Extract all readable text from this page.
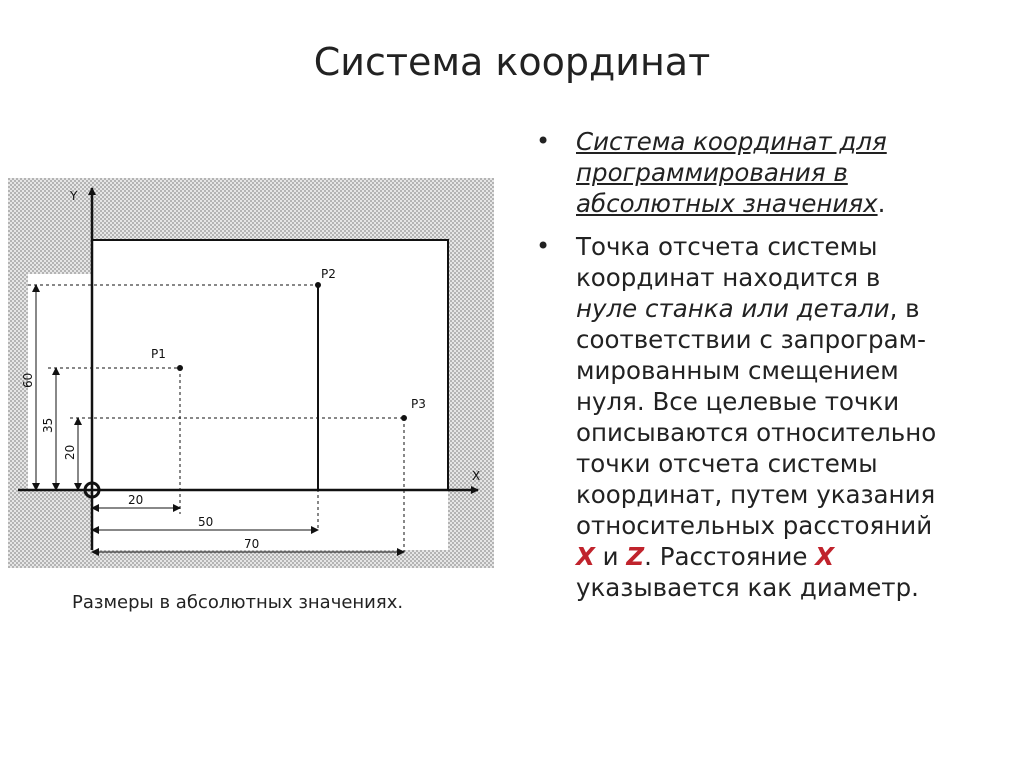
Система координат
Y
X
P1
P2
P3
60
35
20
20
50
70
Размеры в абсолютных значениях.
• Система координат для
программирования в
абсолютных значениях.
• Точка отсчета системы
координат находится в
нуле станка или детали, в
соответствии с запрограм-
мированным смещением
нуля. Все целевые точки
описываются относительно
точки отсчета системы
координат, путем указания
относительных расстояний
X и Z. Расстояние X
указывается как диаметр.
